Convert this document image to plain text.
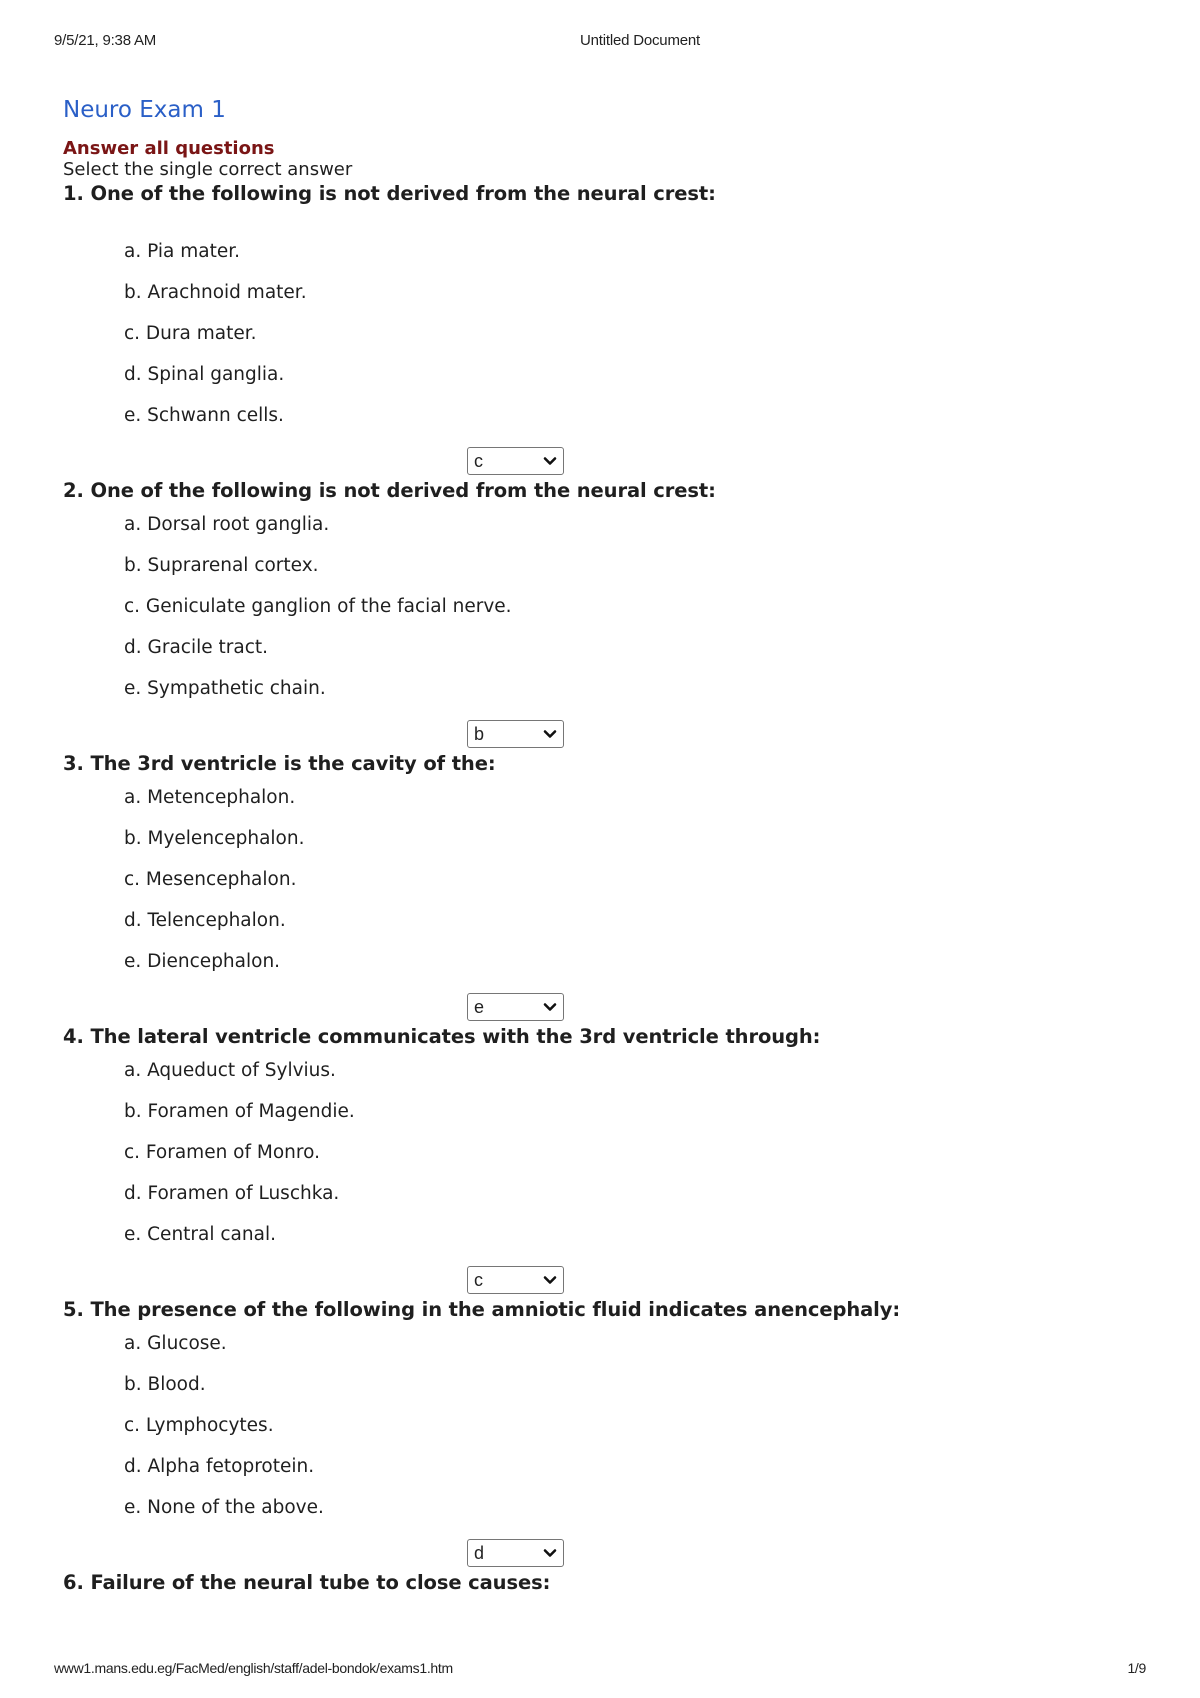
9/5/21, 9:38 AM	Untitled Document
Neuro Exam 1
Answer all questions
Select the single correct answer
1. One of the following is not derived from the neural crest:
a. Pia mater.
b. Arachnoid mater.
c. Dura mater.
d. Spinal ganglia.
e. Schwann cells.
c
2. One of the following is not derived from the neural crest:
a. Dorsal root ganglia.
b. Suprarenal cortex.
c. Geniculate ganglion of the facial nerve.
d. Gracile tract.
e. Sympathetic chain.
b
3. The 3rd ventricle is the cavity of the:
a. Metencephalon.
b. Myelencephalon.
c. Mesencephalon.
d. Telencephalon.
e. Diencephalon.
e
4. The lateral ventricle communicates with the 3rd ventricle through:
a. Aqueduct of Sylvius.
b. Foramen of Magendie.
c. Foramen of Monro.
d. Foramen of Luschka.
e. Central canal.
c
5. The presence of the following in the amniotic fluid indicates anencephaly:
a. Glucose.
b. Blood.
c. Lymphocytes.
d. Alpha fetoprotein.
e. None of the above.
d
6. Failure of the neural tube to close causes:
www1.mans.edu.eg/FacMed/english/staff/adel-bondok/exams1.htm	1/9
